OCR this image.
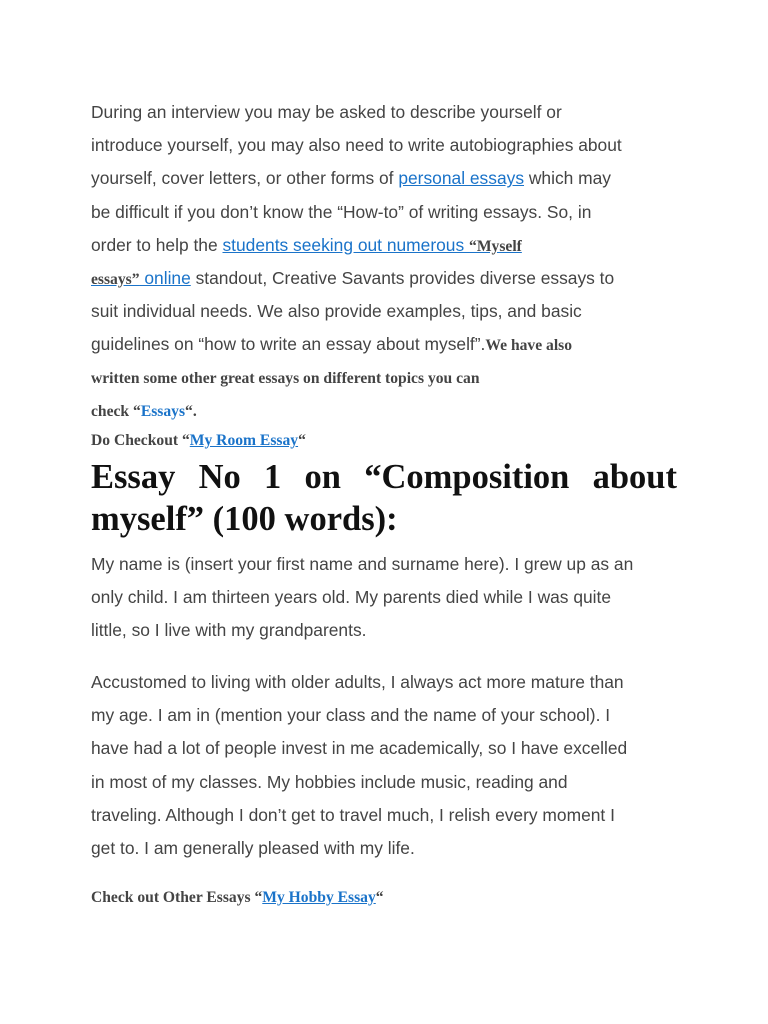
During an interview you may be asked to describe yourself or
introduce yourself, you may also need to write autobiographies about
yourself, cover letters, or other forms of personal essays which may
be difficult if you don’t know the “How-to” of writing essays. So, in
order to help the students seeking out numerous “Myself
essays” online standout, Creative Savants provides diverse essays to
suit individual needs. We also provide examples, tips, and basic
guidelines on “how to write an essay about myself”.We have also
written some other great essays on different topics you can
check “Essays“.
Do Checkout “My Room Essay“
Essay No 1 on “Composition about
myself” (100 words):
My name is (insert your first name and surname here). I grew up as an
only child. I am thirteen years old. My parents died while I was quite
little, so I live with my grandparents.
Accustomed to living with older adults, I always act more mature than
my age. I am in (mention your class and the name of your school). I
have had a lot of people invest in me academically, so I have excelled
in most of my classes. My hobbies include music, reading and
traveling. Although I don’t get to travel much, I relish every moment I
get to. I am generally pleased with my life.
Check out Other Essays “My Hobby Essay“
